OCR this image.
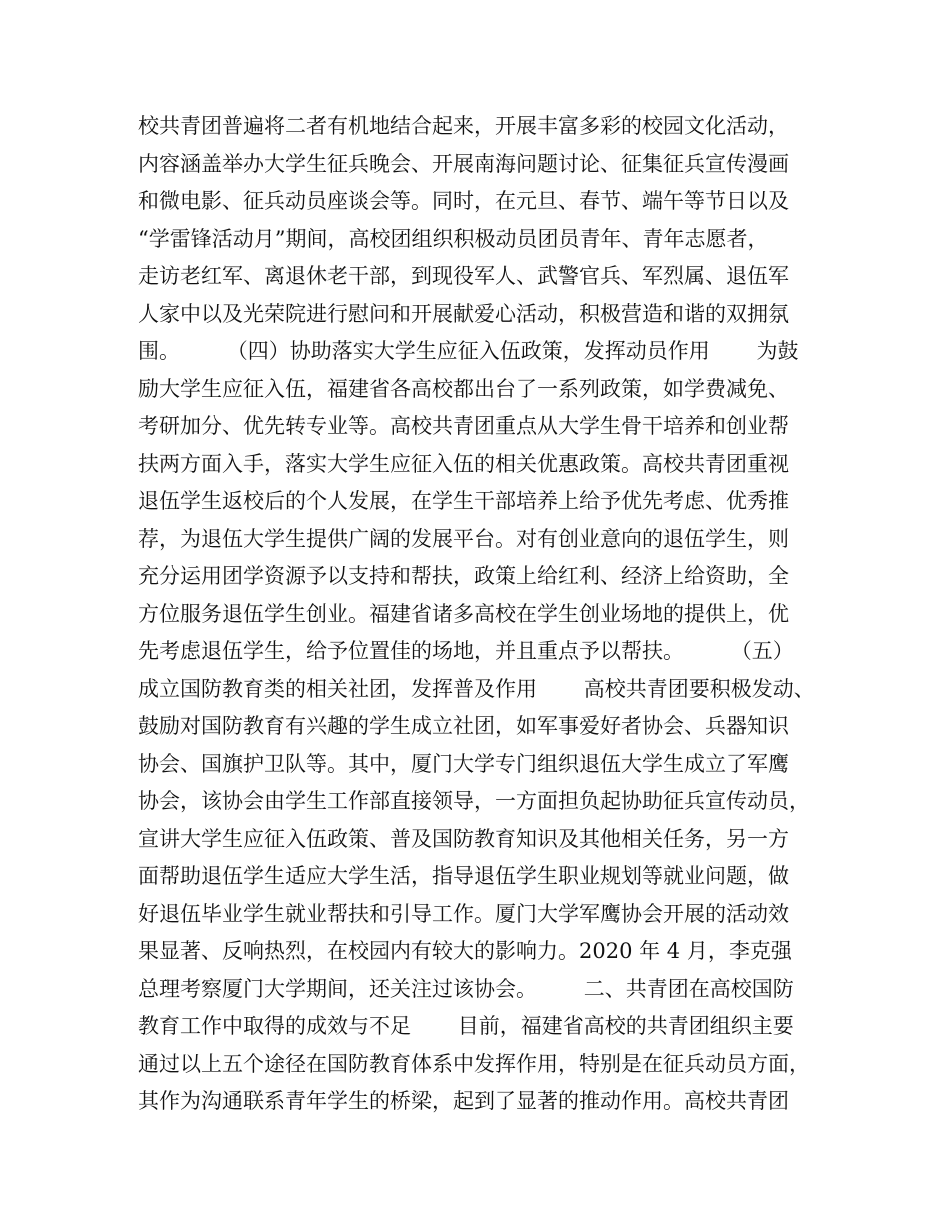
校共青团普遍将二者有机地结合起来，开展丰富多彩的校园文化活动，
内容涵盖举办大学生征兵晚会、开展南海问题讨论、征集征兵宣传漫画
和微电影、征兵动员座谈会等。同时，在元旦、春节、端午等节日以及
“学雷锋活动月”期间，高校团组织积极动员团员青年、青年志愿者，
走访老红军、离退休老干部，到现役军人、武警官兵、军烈属、退伍军
人家中以及光荣院进行慰问和开展献爱心活动，积极营造和谐的双拥氛
围。       （四）协助落实大学生应征入伍政策，发挥动员作用       为鼓
励大学生应征入伍，福建省各高校都出台了一系列政策，如学费减免、
考研加分、优先转专业等。高校共青团重点从大学生骨干培养和创业帮
扶两方面入手，落实大学生应征入伍的相关优惠政策。高校共青团重视
退伍学生返校后的个人发展，在学生干部培养上给予优先考虑、优秀推
荐，为退伍大学生提供广阔的发展平台。对有创业意向的退伍学生，则
充分运用团学资源予以支持和帮扶，政策上给红利、经济上给资助，全
方位服务退伍学生创业。福建省诸多高校在学生创业场地的提供上，优
先考虑退伍学生，给予位置佳的场地，并且重点予以帮扶。       （五）
成立国防教育类的相关社团，发挥普及作用       高校共青团要积极发动、
鼓励对国防教育有兴趣的学生成立社团，如军事爱好者协会、兵器知识
协会、国旗护卫队等。其中，厦门大学专门组织退伍大学生成立了军鹰
协会，该协会由学生工作部直接领导，一方面担负起协助征兵宣传动员，
宣讲大学生应征入伍政策、普及国防教育知识及其他相关任务，另一方
面帮助退伍学生适应大学生活，指导退伍学生职业规划等就业问题，做
好退伍毕业学生就业帮扶和引导工作。厦门大学军鹰协会开展的活动效
果显著、反响热烈，在校园内有较大的影响力。2020 年 4 月，李克强
总理考察厦门大学期间，还关注过该协会。       二、共青团在高校国防
教育工作中取得的成效与不足       目前，福建省高校的共青团组织主要
通过以上五个途径在国防教育体系中发挥作用，特别是在征兵动员方面，
其作为沟通联系青年学生的桥梁，起到了显著的推动作用。高校共青团
